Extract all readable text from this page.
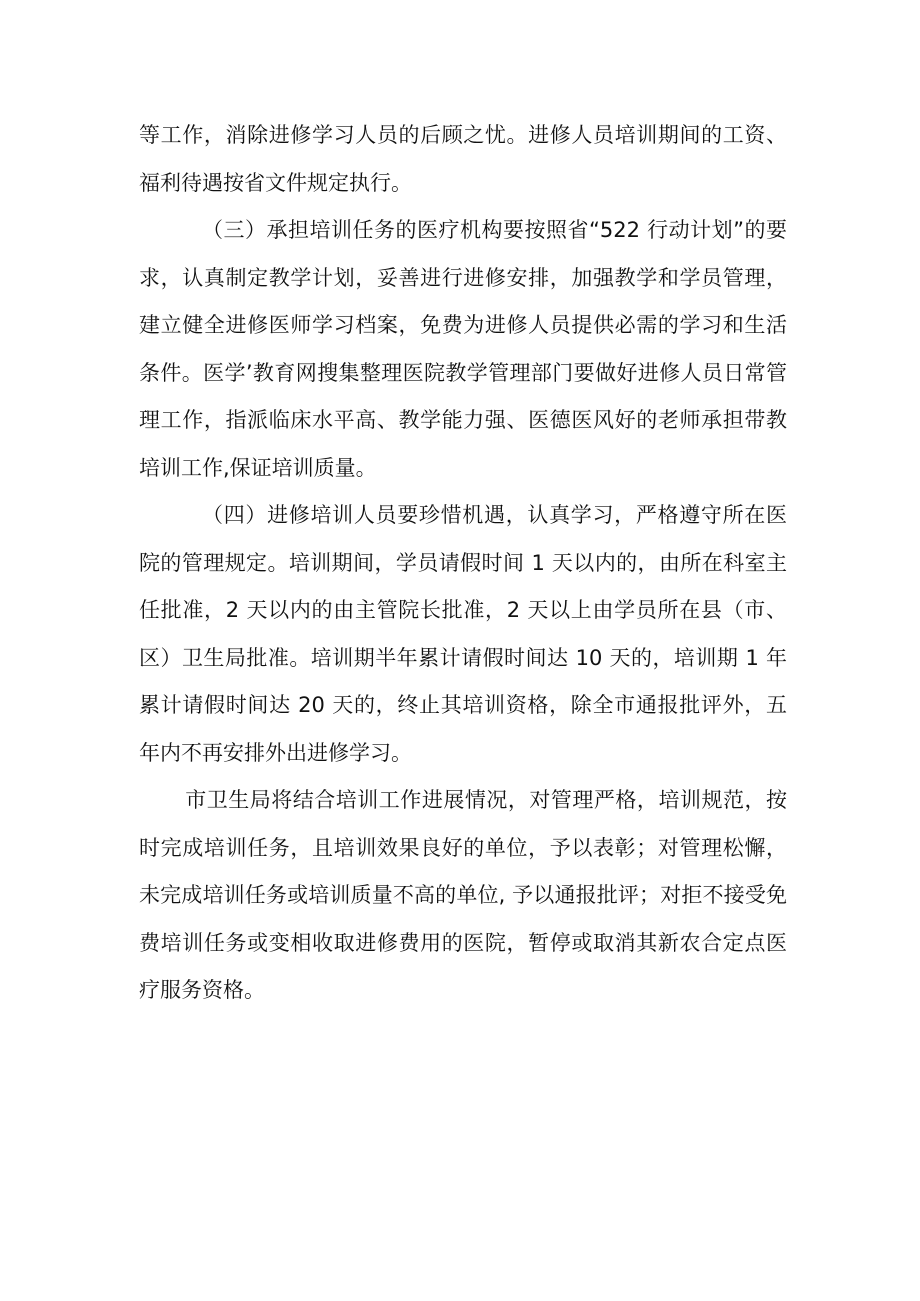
等工作，消除进修学习人员的后顾之忧。进修人员培训期间的工资、福利待遇按省文件规定执行。

（三）承担培训任务的医疗机构要按照省“522 行动计划”的要求，认真制定教学计划，妥善进行进修安排，加强教学和学员管理，建立健全进修医师学习档案，免费为进修人员提供必需的学习和生活条件。医学’教育网搜集整理医院教学管理部门要做好进修人员日常管理工作，指派临床水平高、教学能力强、医德医风好的老师承担带教培训工作,保证培训质量。

（四）进修培训人员要珍惜机遇，认真学习，严格遵守所在医院的管理规定。培训期间，学员请假时间 1 天以内的，由所在科室主任批准，2 天以内的由主管院长批准，2 天以上由学员所在县（市、区）卫生局批准。培训期半年累计请假时间达 10 天的，培训期 1 年累计请假时间达 20 天的，终止其培训资格，除全市通报批评外，五年内不再安排外出进修学习。

市卫生局将结合培训工作进展情况，对管理严格，培训规范，按时完成培训任务，且培训效果良好的单位，予以表彰；对管理松懈，未完成培训任务或培训质量不高的单位, 予以通报批评；对拒不接受免费培训任务或变相收取进修费用的医院，暂停或取消其新农合定点医疗服务资格。
